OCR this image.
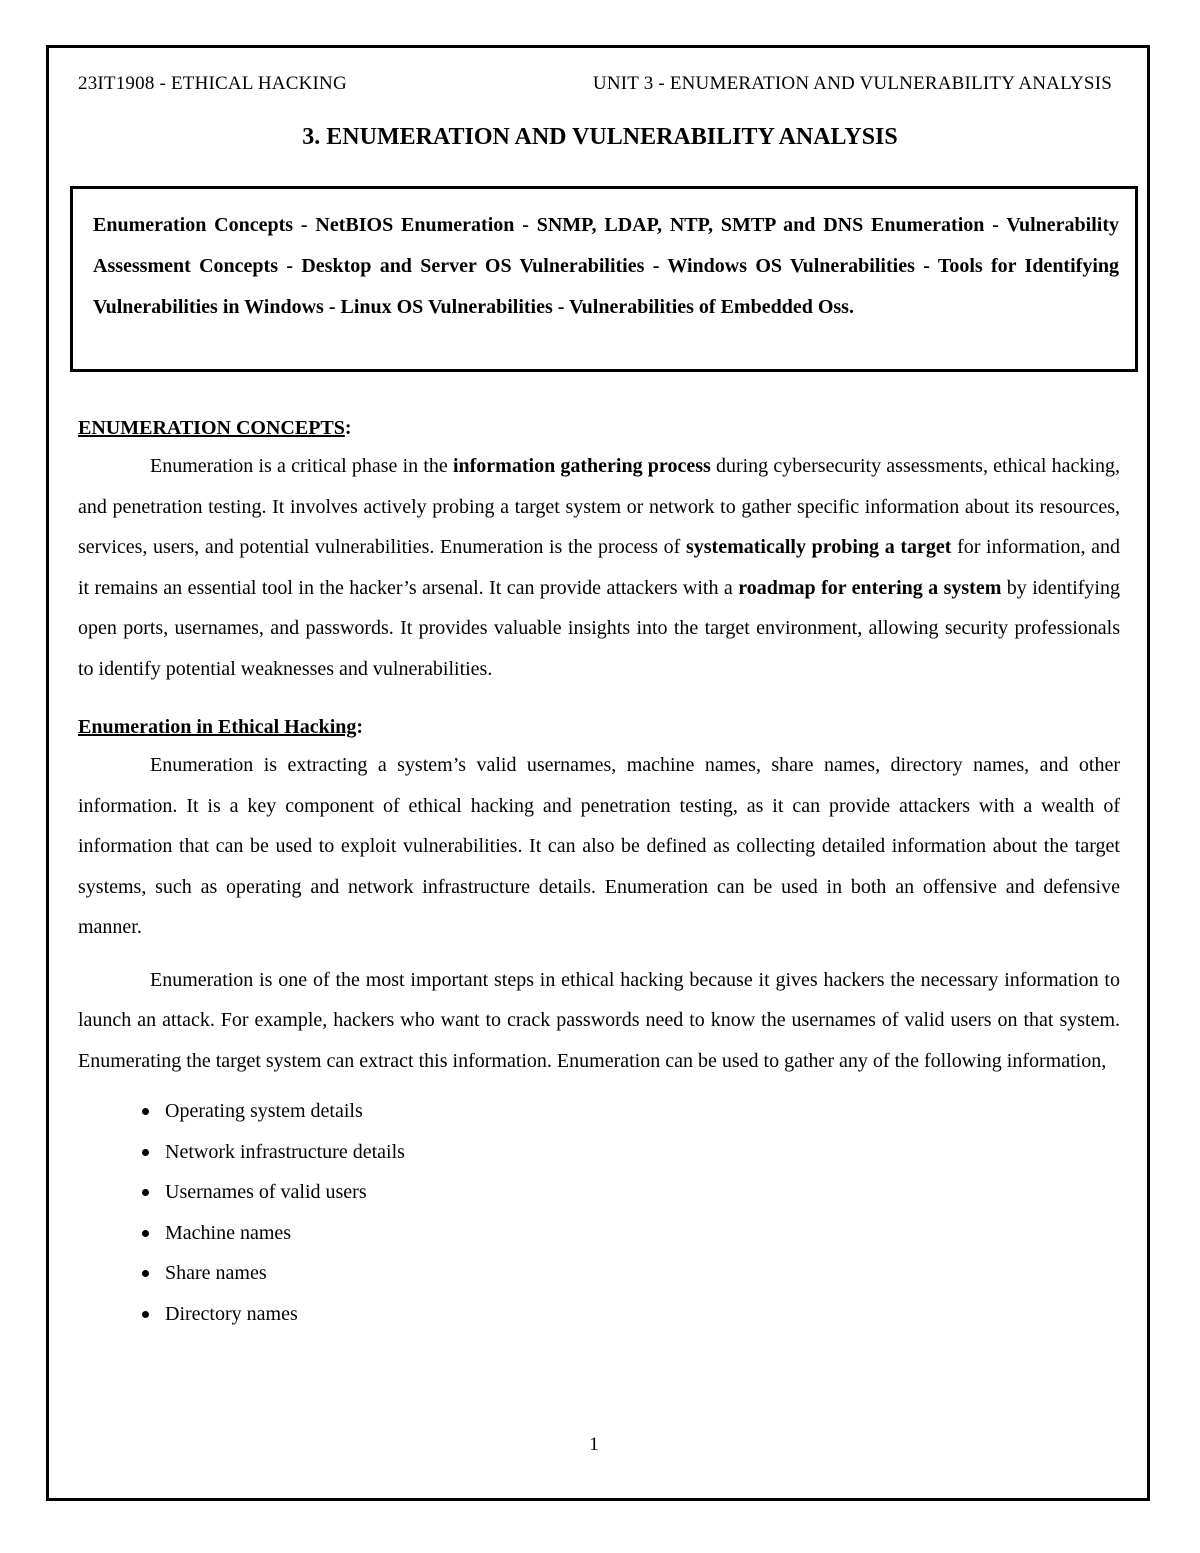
23IT1908 - ETHICAL HACKING	UNIT 3 - ENUMERATION AND VULNERABILITY ANALYSIS
3. ENUMERATION AND VULNERABILITY ANALYSIS

Enumeration Concepts - NetBIOS Enumeration - SNMP, LDAP, NTP, SMTP and DNS Enumeration - Vulnerability Assessment Concepts - Desktop and Server OS Vulnerabilities - Windows OS Vulnerabilities - Tools for Identifying Vulnerabilities in Windows - Linux OS Vulnerabilities - Vulnerabilities of Embedded Oss.

ENUMERATION CONCEPTS:

Enumeration is a critical phase in the information gathering process during cybersecurity assessments, ethical hacking, and penetration testing. It involves actively probing a target system or network to gather specific information about its resources, services, users, and potential vulnerabilities. Enumeration is the process of systematically probing a target for information, and it remains an essential tool in the hacker’s arsenal. It can provide attackers with a roadmap for entering a system by identifying open ports, usernames, and passwords. It provides valuable insights into the target environment, allowing security professionals to identify potential weaknesses and vulnerabilities.

Enumeration in Ethical Hacking:

Enumeration is extracting a system’s valid usernames, machine names, share names, directory names, and other information. It is a key component of ethical hacking and penetration testing, as it can provide attackers with a wealth of information that can be used to exploit vulnerabilities. It can also be defined as collecting detailed information about the target systems, such as operating and network infrastructure details. Enumeration can be used in both an offensive and defensive manner.

Enumeration is one of the most important steps in ethical hacking because it gives hackers the necessary information to launch an attack. For example, hackers who want to crack passwords need to know the usernames of valid users on that system. Enumerating the target system can extract this information. Enumeration can be used to gather any of the following information,

Operating system details
Network infrastructure details
Usernames of valid users
Machine names
Share names
Directory names
1
